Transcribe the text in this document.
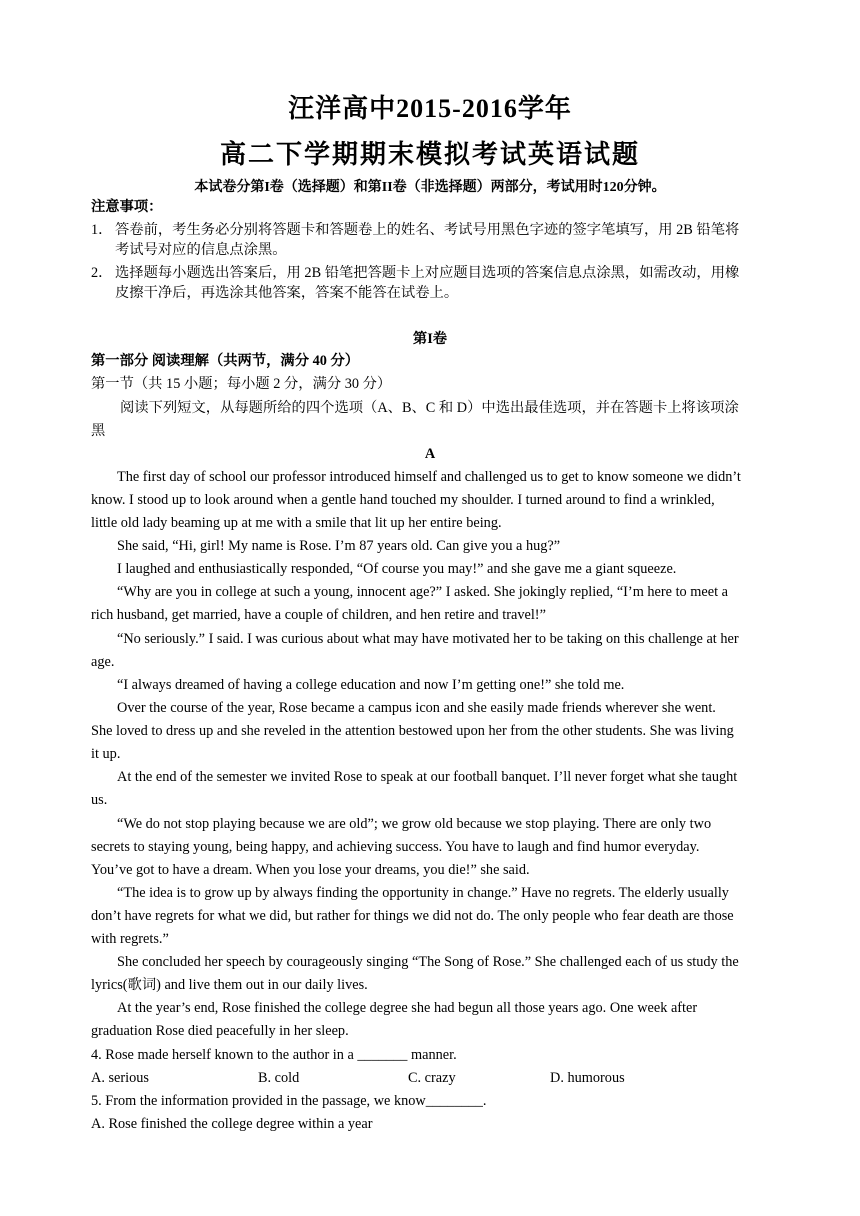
汪洋高中2015-2016学年
高二下学期期末模拟考试英语试题
本试卷分第I卷（选择题）和第II卷（非选择题）两部分，考试用时120分钟。
注意事项：
1． 答卷前，考生务必分别将答题卡和答题卷上的姓名、考试号用黑色字迹的签字笔填写，用 2B 铅笔将
考试号对应的信息点涂黑。
2． 选择题每小题选出答案后，用 2B 铅笔把答题卡上对应题目选项的答案信息点涂黑，如需改动，用橡
皮擦干净后，再选涂其他答案，答案不能答在试卷上。
第I卷
第一部分 阅读理解（共两节，满分 40 分）
第一节（共 15 小题；每小题 2 分，满分 30 分）
阅读下列短文，从每题所给的四个选项（A、B、C 和 D）中选出最佳选项，并在答题卡上将该项涂
黑
A
The first day of school our professor introduced himself and challenged us to get to know someone we didn’t
know. I stood up to look around when a gentle hand touched my shoulder. I turned around to find a wrinkled,
little old lady beaming up at me with a smile that lit up her entire being.
She said, “Hi, girl! My name is Rose. I’m 87 years old. Can give you a hug?”
I laughed and enthusiastically responded, “Of course you may!” and she gave me a giant squeeze.
“Why are you in college at such a young, innocent age?” I asked. She jokingly replied, “I’m here to meet a
rich husband, get married, have a couple of children, and hen retire and travel!”
“No seriously.” I said. I was curious about what may have motivated her to be taking on this challenge at her
age.
“I always dreamed of having a college education and now I’m getting one!” she told me.
Over the course of the year, Rose became a campus icon and she easily made friends wherever she went.
She loved to dress up and she reveled in the attention bestowed upon her from the other students. She was living
it up.
At the end of the semester we invited Rose to speak at our football banquet. I’ll never forget what she taught
us.
“We do not stop playing because we are old”; we grow old because we stop playing. There are only two
secrets to staying young, being happy, and achieving success. You have to laugh and find humor everyday.
You’ve got to have a dream. When you lose your dreams, you die!” she said.
“The idea is to grow up by always finding the opportunity in change.” Have no regrets. The elderly usually
don’t have regrets for what we did, but rather for things we did not do. The only people who fear death are those
with regrets.”
She concluded her speech by courageously singing “The Song of Rose.” She challenged each of us study the
lyrics(歌词) and live them out in our daily lives.
At the year’s end, Rose finished the college degree she had begun all those years ago. One week after
graduation Rose died peacefully in her sleep.
4. Rose made herself known to the author in a _______ manner.
A. serious	B. cold	C. crazy	D. humorous
5. From the information provided in the passage, we know________.
A. Rose finished the college degree within a year
